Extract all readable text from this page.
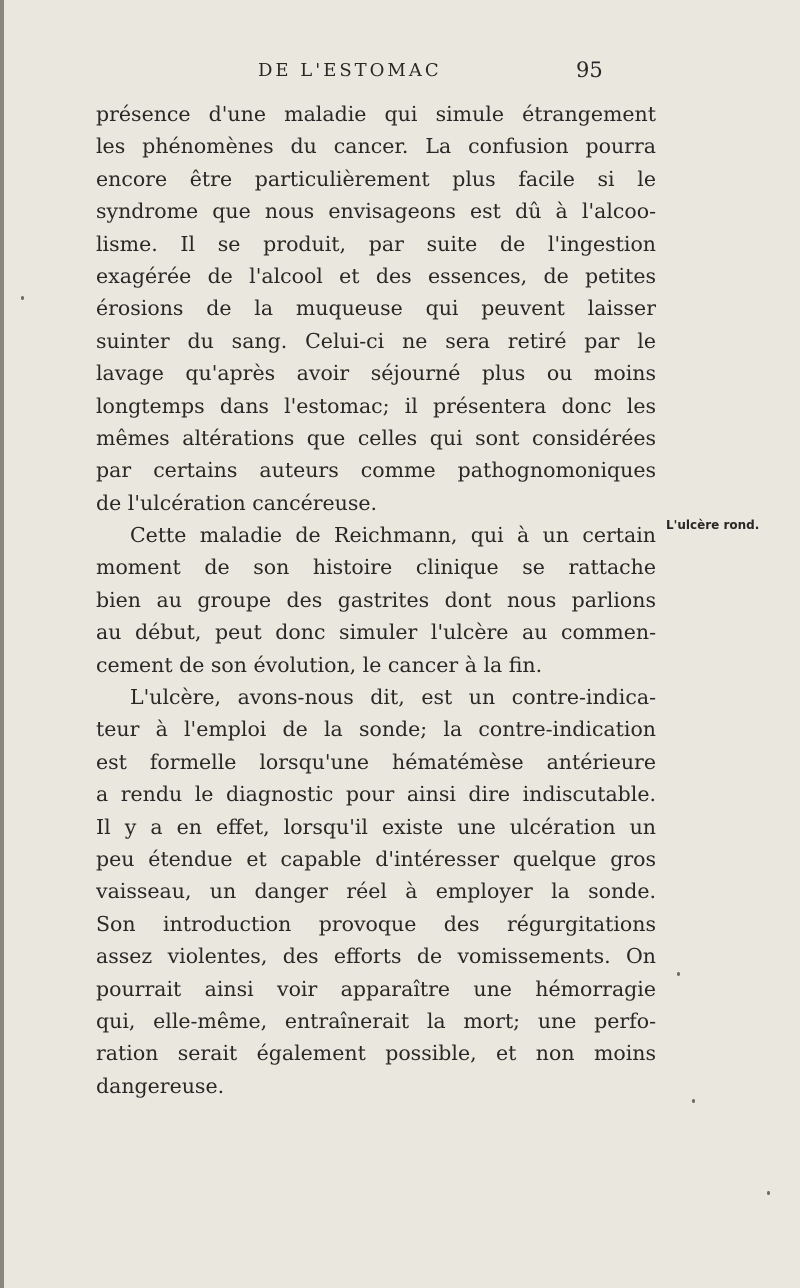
DE L'ESTOMAC	95
présence d'une maladie qui simule étrangement
les phénomènes du cancer. La confusion pourra
encore être particulièrement plus facile si le
syndrome que nous envisageons est dû à l'alcoo-
lisme. Il se produit, par suite de l'ingestion
exagérée de l'alcool et des essences, de petites
érosions de la muqueuse qui peuvent laisser
suinter du sang. Celui-ci ne sera retiré par le
lavage qu'après avoir séjourné plus ou moins
longtemps dans l'estomac; il présentera donc les
mêmes altérations que celles qui sont considérées
par certains auteurs comme pathognomoniques
de l'ulcération cancéreuse.
Cette maladie de Reichmann, qui à un certain
moment de son histoire clinique se rattache
bien au groupe des gastrites dont nous parlions
au début, peut donc simuler l'ulcère au commen-
cement de son évolution, le cancer à la fin.
L'ulcère, avons-nous dit, est un contre-indica-
teur à l'emploi de la sonde; la contre-indication
est formelle lorsqu'une hématémèse antérieure
a rendu le diagnostic pour ainsi dire indiscutable.
Il y a en effet, lorsqu'il existe une ulcération un
peu étendue et capable d'intéresser quelque gros
vaisseau, un danger réel à employer la sonde.
Son introduction provoque des régurgitations
assez violentes, des efforts de vomissements. On
pourrait ainsi voir apparaître une hémorragie
qui, elle-même, entraînerait la mort; une perfo-
ration serait également possible, et non moins
dangereuse.
L'ulcère rond.
